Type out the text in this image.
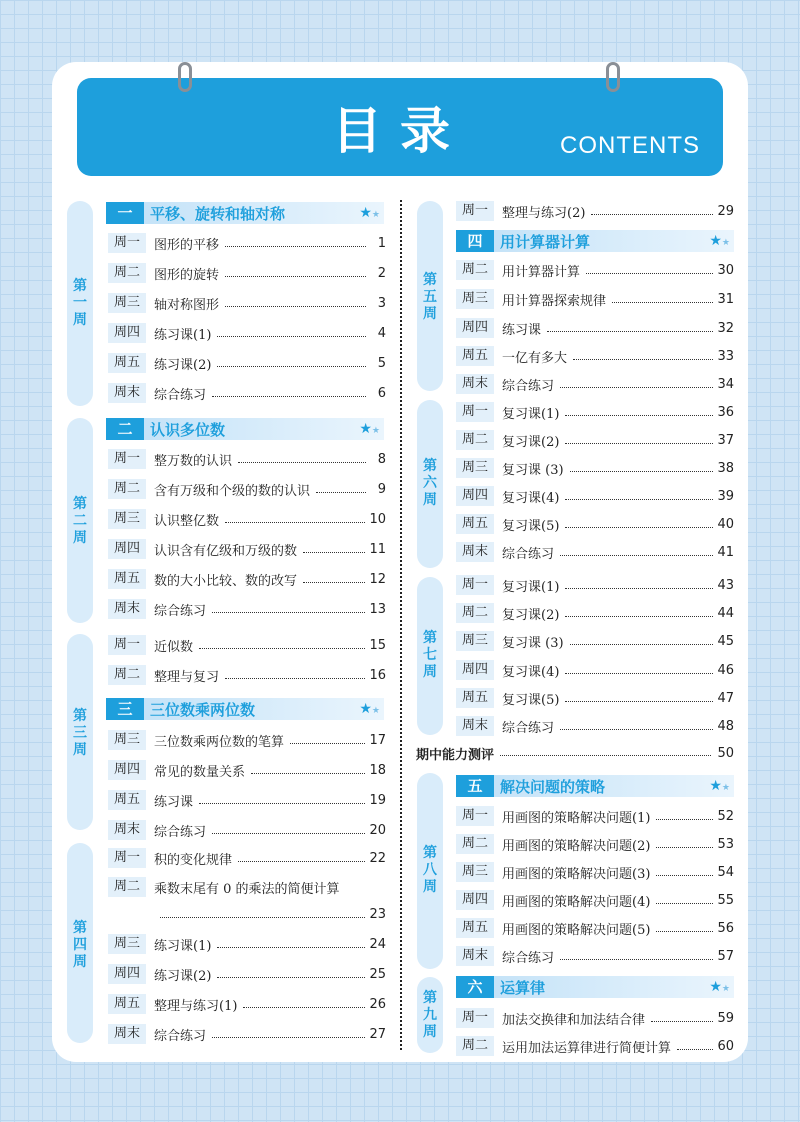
目录	CONTENTS
第一周
第二周
第三周
第四周
第五周
第六周
第七周
第八周
第九周
一	平移、旋转和轴对称	★★
二	认识多位数	★★
三	三位数乘两位数	★★
四	用计算器计算	★★
五	解决问题的策略	★★
六	运算律	★★
周一	图形的平移	1
周二	图形的旋转	2
周三	轴对称图形	3
周四	练习课(1)	4
周五	练习课(2)	5
周末	综合练习	6
周一	整万数的认识	8
周二	含有万级和个级的数的认识	9
周三	认识整亿数	10
周四	认识含有亿级和万级的数	11
周五	数的大小比较、数的改写	12
周末	综合练习	13
周一	近似数	15
周二	整理与复习	16
周三	三位数乘两位数的笔算	17
周四	常见的数量关系	18
周五	练习课	19
周末	综合练习	20
周一	积的变化规律	22
周二	乘数末尾有 0 的乘法的简便计算
23
周三	练习课(1)	24
周四	练习课(2)	25
周五	整理与练习(1)	26
周末	综合练习	27
周一	整理与练习(2)	29
周二	用计算器计算	30
周三	用计算器探索规律	31
周四	练习课	32
周五	一亿有多大	33
周末	综合练习	34
周一	复习课(1)	36
周二	复习课(2)	37
周三	复习课 (3)	38
周四	复习课(4)	39
周五	复习课(5)	40
周末	综合练习	41
周一	复习课(1)	43
周二	复习课(2)	44
周三	复习课 (3)	45
周四	复习课(4)	46
周五	复习课(5)	47
周末	综合练习	48
周一	用画图的策略解决问题(1)	52
周二	用画图的策略解决问题(2)	53
周三	用画图的策略解决问题(3)	54
周四	用画图的策略解决问题(4)	55
周五	用画图的策略解决问题(5)	56
周末	综合练习	57
周一	加法交换律和加法结合律	59
周二	运用加法运算律进行简便计算	60
期中能力测评	50
